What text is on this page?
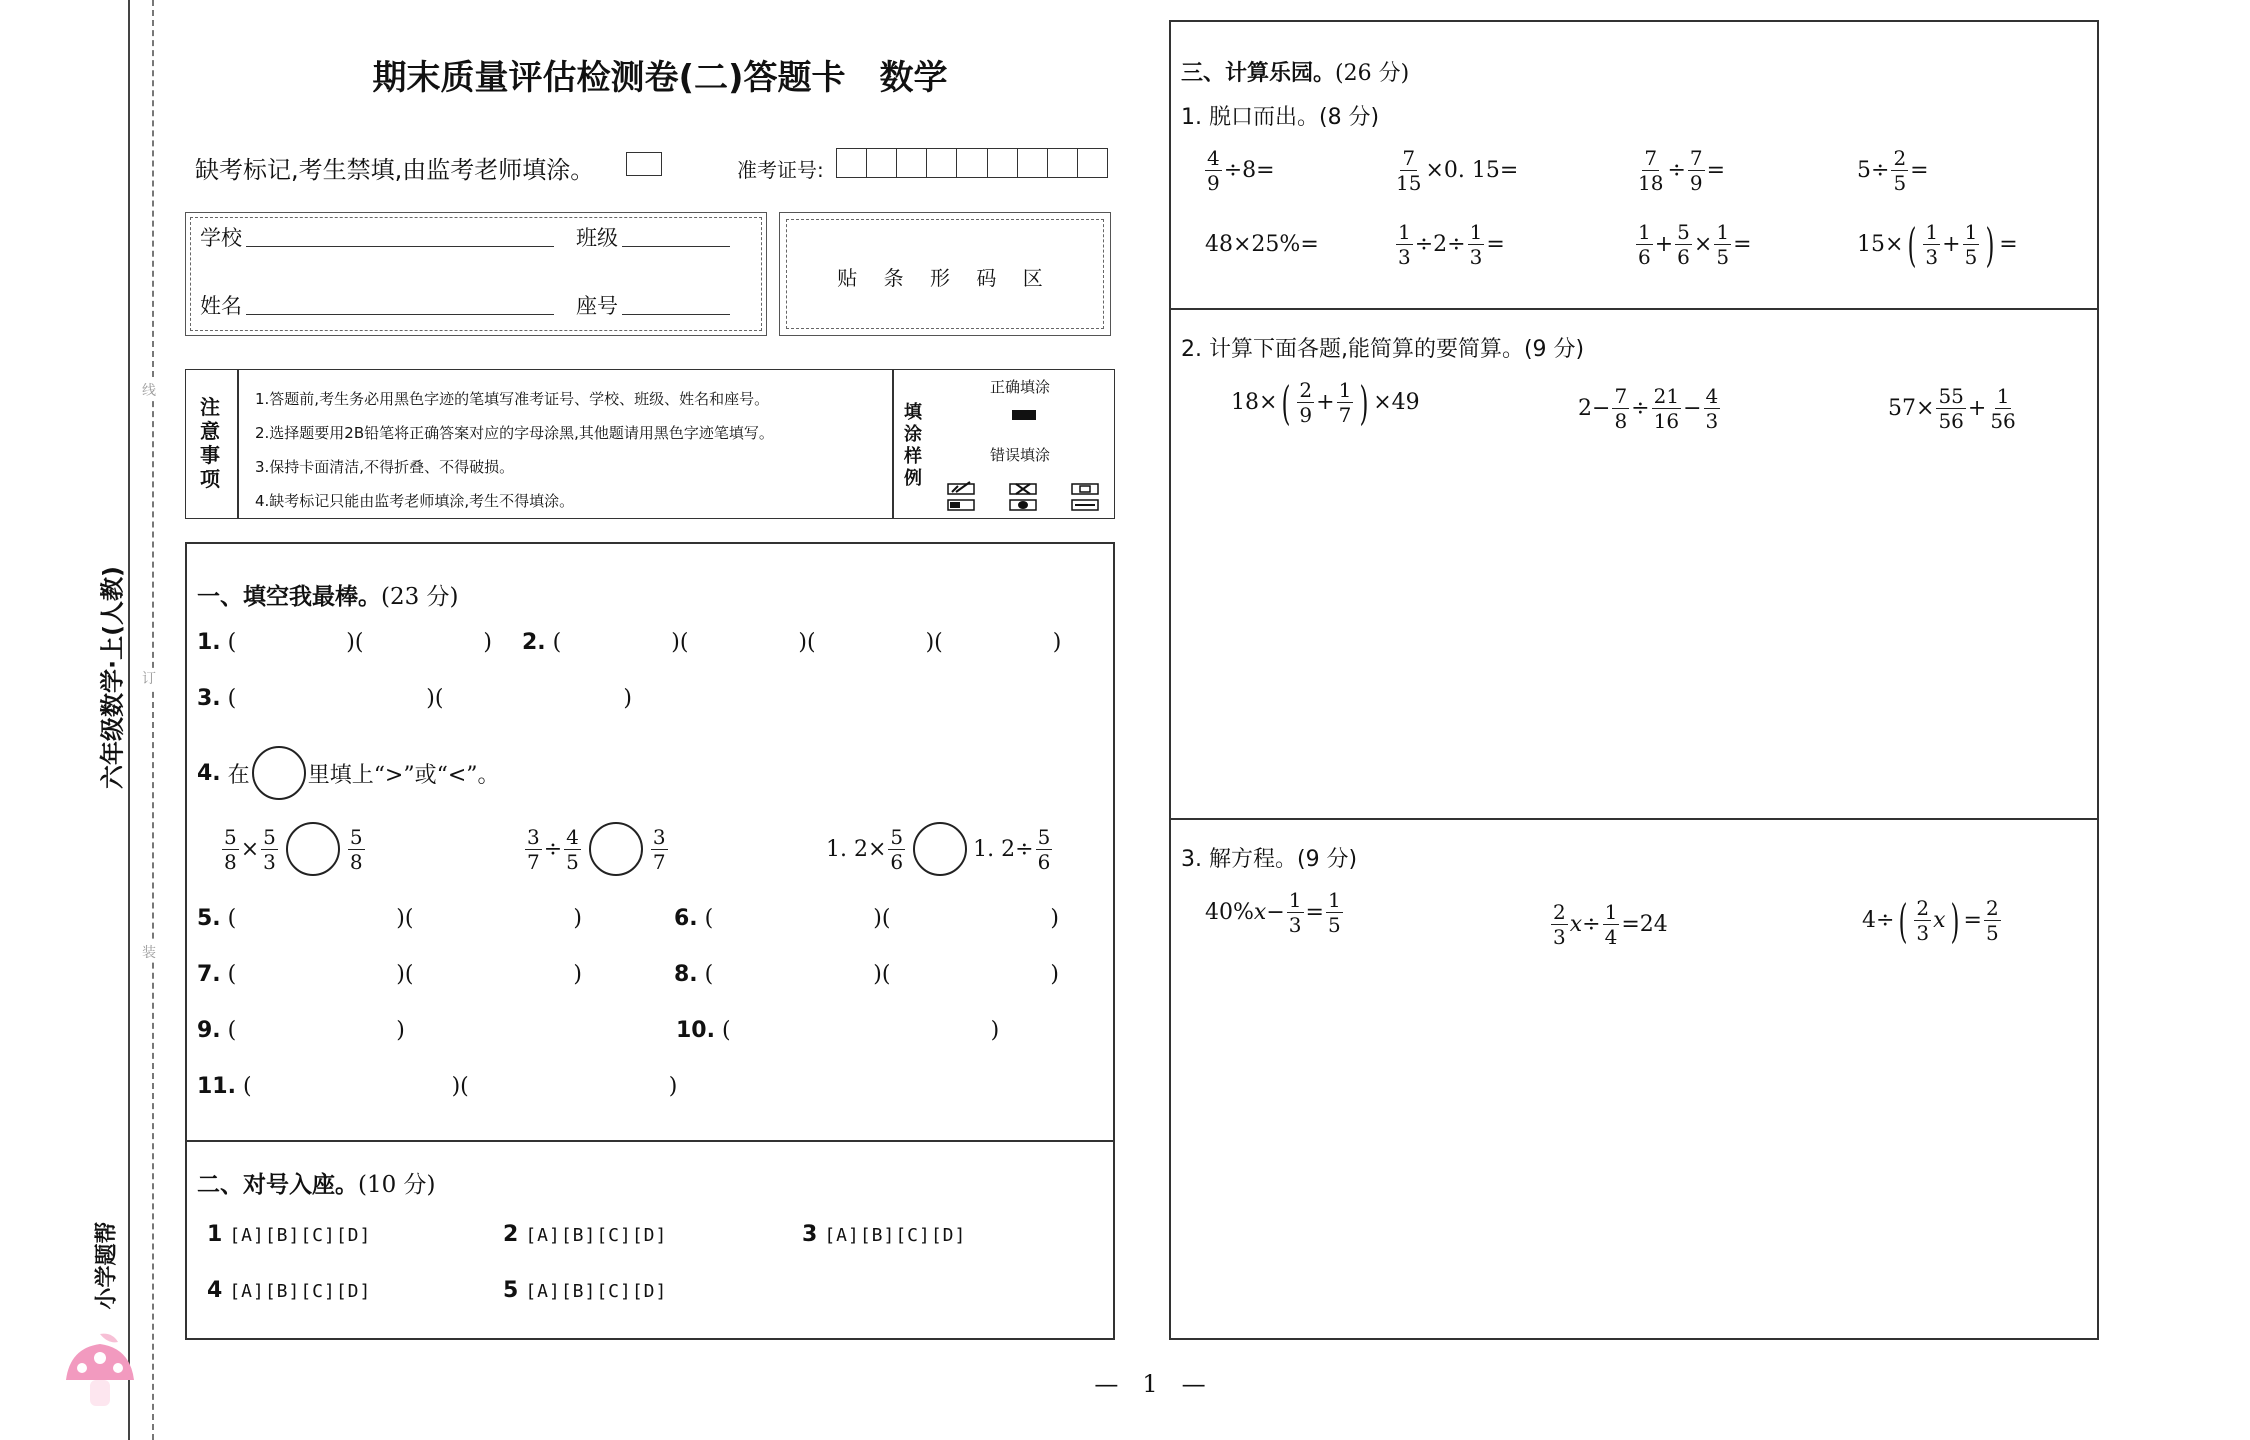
线
订
装
六年级数学·上(人教)
小学题帮
期末质量评估检测卷(二)答题卡　数学
缺考标记,考生禁填,由监考老师填涂。	准考证号:
学校	班级
姓名	座号
贴 条 形 码 区
注
意
事
项
1.答题前,考生务必用黑色字迹的笔填写准考证号、学校、班级、姓名和座号。
2.选择题要用2B铅笔将正确答案对应的字母涂黑,其他题请用黑色字迹笔填写。
3.保持卡面清洁,不得折叠、不得破损。
4.缺考标记只能由监考老师填涂,考生不得填涂。
填
涂
样
例
正确填涂
错误填涂
一、填空我最棒。(23 分)
1. (	)(	) 2. (	)(	)(	)(	)
3. (	)(	)
4.
在	里填上“>”或“<”。
$\frac{5}{8} \times \frac{5}{3}$	$\frac{5}{8}$	$\frac{3}{7} \div \frac{4}{5}$	$\frac{3}{7}$	1. $2\times \frac{5}{6}$	1. $2\div \frac{5}{6}$
5. (	)(	)	6. (	)(	)
7. (	)(	)	8. (	)(	)
9. (	)	10. (	)
11. (	)(	)
二、对号入座。(10 分)
1 [A][B][C][D]	2 [A][B][C][D]	3 [A][B][C][D]
4 [A][B][C][D]	5 [A][B][C][D]
三、计算乐园。(26 分)
1. 脱口而出。(8 分)
$\frac{4}{9} \div 8=$	$\frac{7}{15} \times 0$. 15=	$\frac{7}{18} \div \frac{7}{9}$ =	$5\div \frac{2}{5}$ =
48×25%=	$\frac{1}{3} \div 2\div \frac{1}{3}$ =	$\frac{1}{6} + \frac{5}{6} \times \frac{1}{5}$ =	15× ( $\frac{1}{3} + \frac{1}{5}$ ) =
2. 计算下面各题,能简算的要简算。(9 分)
18× ( $\frac{2}{9} + \frac{1}{7}$ ) ×49	$2- \frac{7}{8} \div \frac{21}{16} - \frac{4}{3}$	$57\times \frac{55}{56} + \frac{1}{56}$
3. 解方程。(9 分)
40% $x - \frac{1}{3} = \frac{1}{5}$	$\frac{2}{3}$ $x \div \frac{1}{4} =24$	4÷ ( $\frac{2}{3}$ x ) = $\frac{2}{5}$
—　1　—
